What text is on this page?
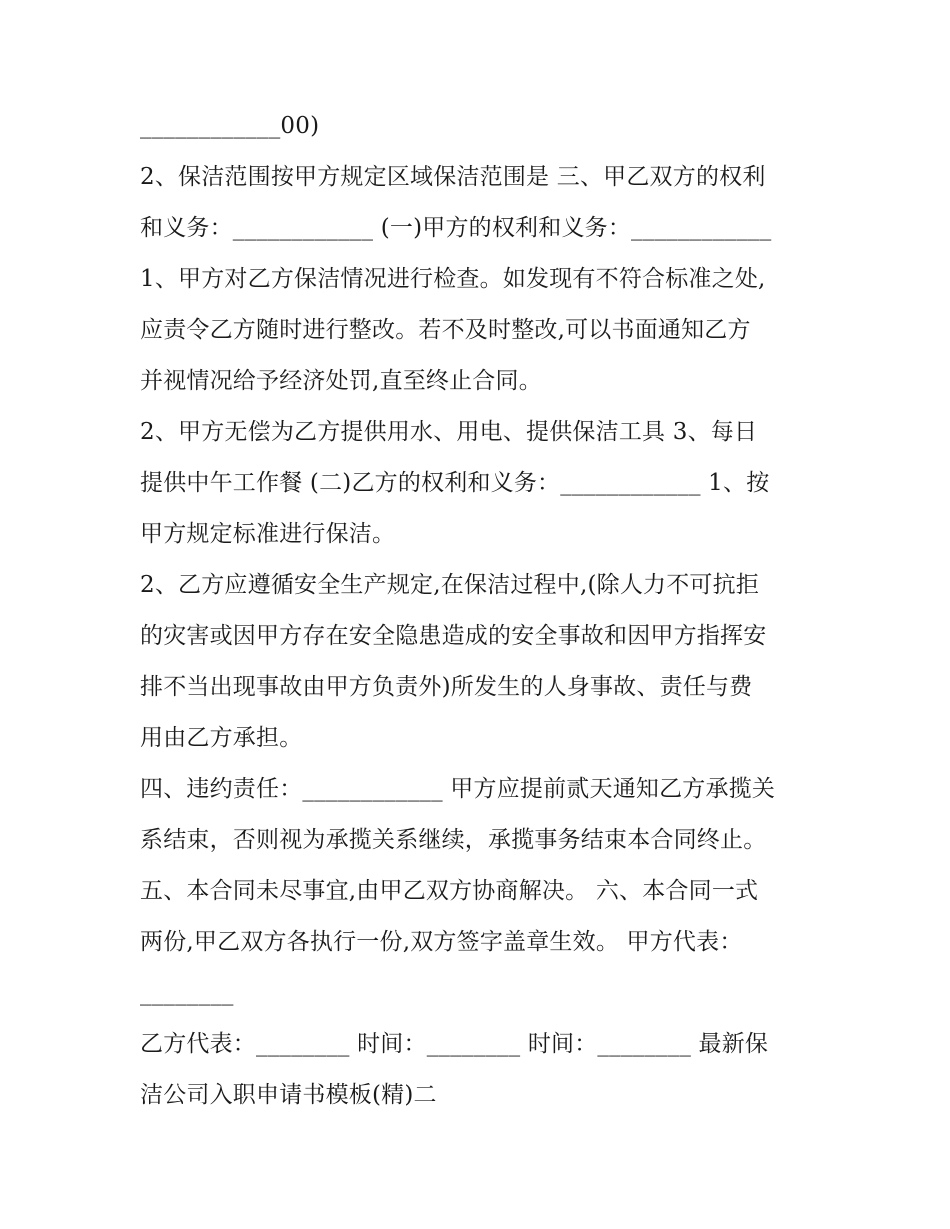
____________00)
2、保洁范围按甲方规定区域保洁范围是 三、甲乙双方的权利
和义务：____________ (一)甲方的权利和义务：____________
1、甲方对乙方保洁情况进行检查。如发现有不符合标准之处,
应责令乙方随时进行整改。若不及时整改,可以书面通知乙方
并视情况给予经济处罚,直至终止合同。
2、甲方无偿为乙方提供用水、用电、提供保洁工具 3、每日
提供中午工作餐 (二)乙方的权利和义务：____________ 1、按
甲方规定标准进行保洁。
2、乙方应遵循安全生产规定,在保洁过程中,(除人力不可抗拒
的灾害或因甲方存在安全隐患造成的安全事故和因甲方指挥安
排不当出现事故由甲方负责外)所发生的人身事故、责任与费
用由乙方承担。
四、违约责任：____________ 甲方应提前贰天通知乙方承揽关
系结束，否则视为承揽关系继续，承揽事务结束本合同终止。
五、本合同未尽事宜,由甲乙双方协商解决。 六、本合同一式
两份,甲乙双方各执行一份,双方签字盖章生效。 甲方代表：
________
乙方代表：________ 时间：________ 时间：________ 最新保
洁公司入职申请书模板(精)二
